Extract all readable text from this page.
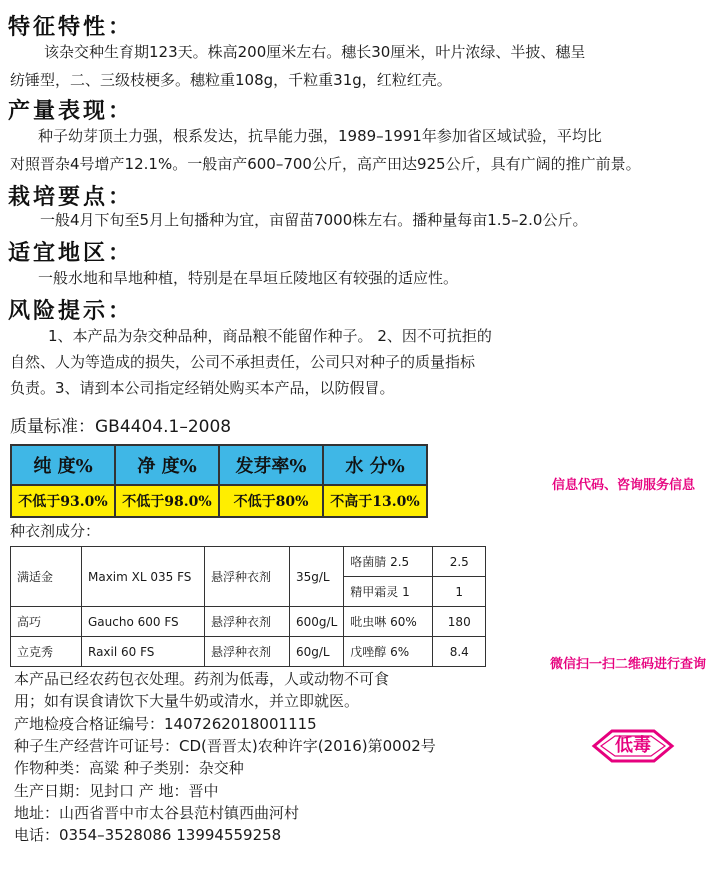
特征特性：
该杂交种生育期123天。株高200厘米左右。穗长30厘米，叶片浓绿、半披、穗呈
纺锤型，二、三级枝梗多。穗粒重108g，千粒重31g，红粒红壳。
产量表现：
种子幼芽顶土力强，根系发达，抗旱能力强，1989–1991年参加省区域试验，平均比
对照晋杂4号增产12.1%。一般亩产600–700公斤，高产田达925公斤，具有广阔的推广前景。
栽培要点：
一般4月下旬至5月上旬播种为宜，亩留苗7000株左右。播种量每亩1.5–2.0公斤。
适宜地区：
一般水地和旱地种植，特别是在旱垣丘陵地区有较强的适应性。
风险提示：
1、本产品为杂交种品种，商品粮不能留作种子。 2、因不可抗拒的
自然、人为等造成的损失，公司不承担责任，公司只对种子的质量指标
负责。3、请到本公司指定经销处购买本产品，以防假冒。
质量标准：GB4404.1–2008
纯 度%	净 度%	发芽率%	水 分%
不低于93.0%	不低于98.0%	不低于80%	不高于13.0%
种衣剂成分：
满适金	Maxim XL 035 FS	悬浮种衣剂	35g/L	咯菌腈 2.5	2.5
				精甲霜灵 1	1
高巧	Gaucho 600 FS	悬浮种衣剂	600g/L	吡虫啉 60%	180
立克秀	Raxil 60 FS	悬浮种衣剂	60g/L	戊唑醇 6%	8.4
信息代码、咨询服务信息
微信扫一扫二维码进行查询
低毒
本产品已经农药包衣处理。药剂为低毒，人或动物不可食
用；如有误食请饮下大量牛奶或清水，并立即就医。
产地检疫合格证编号：140726201800​1115
种子生产经营许可证号：CD(晋晋太)农种许字(2016)第0002号
作物种类：高粱 种子类别：杂交种
生产日期：见封口 产 地：晋中
地址：山西省晋中市太谷县范村镇西曲河村
电话：0354–3528086 13994559258
